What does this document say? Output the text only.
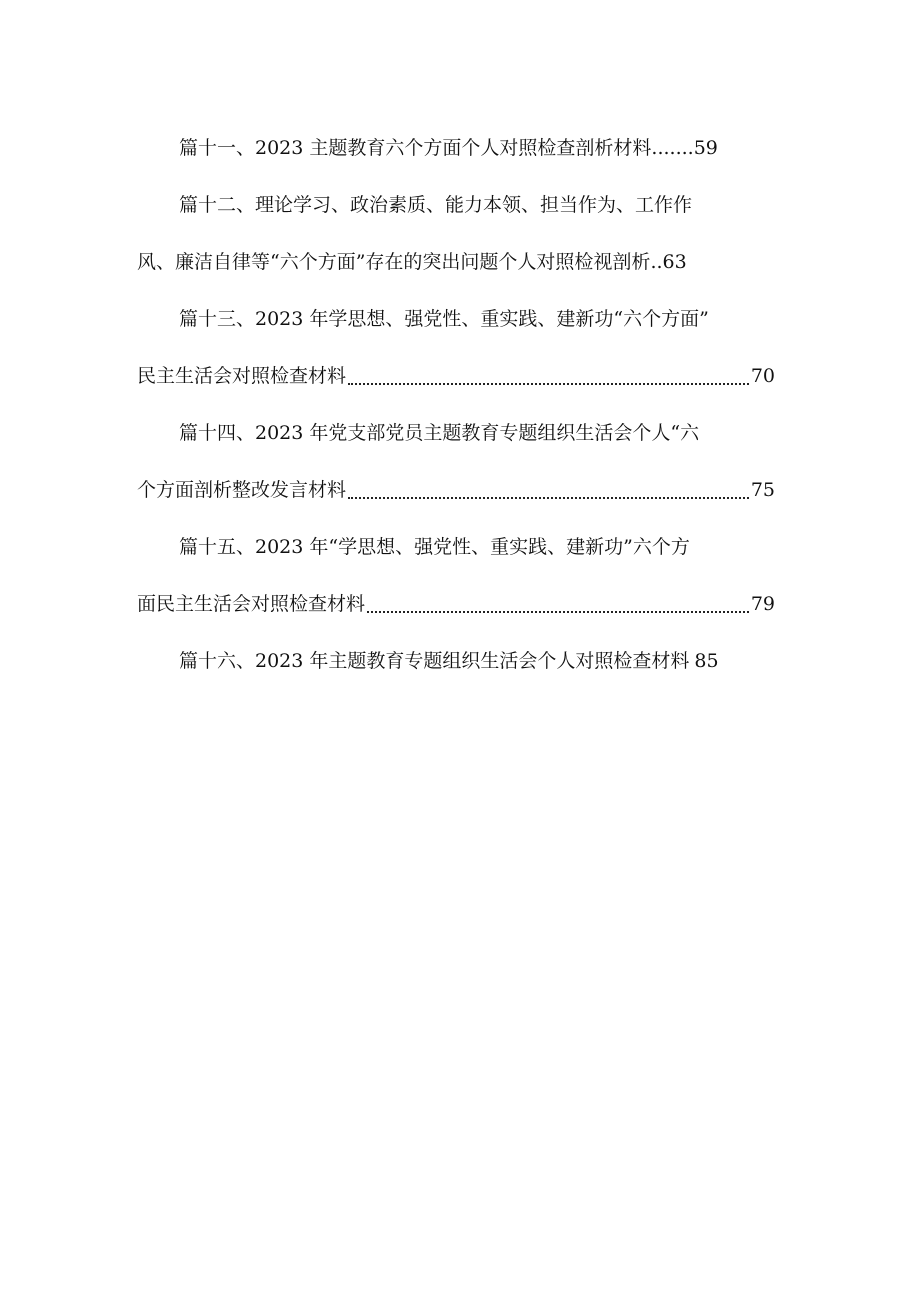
篇十一、2023 主题教育六个方面个人对照检查剖析材料 ....... 59
篇十二、理论学习、政治素质、能力本领、担当作为、工作作
风、廉洁自律等“六个方面”存在的突出问题个人对照检视剖析 .. 63
篇十三、2023 年学思想、强党性、重实践、建新功“六个方面”
民主生活会对照检查材料	70
篇十四、2023 年党支部党员主题教育专题组织生活会个人“六
个方面剖析整改发言材料	75
篇十五、2023 年“学思想、强党性、重实践、建新功”六个方
面民主生活会对照检查材料	79
篇十六、2023 年主题教育专题组织生活会个人对照检查材料 85
